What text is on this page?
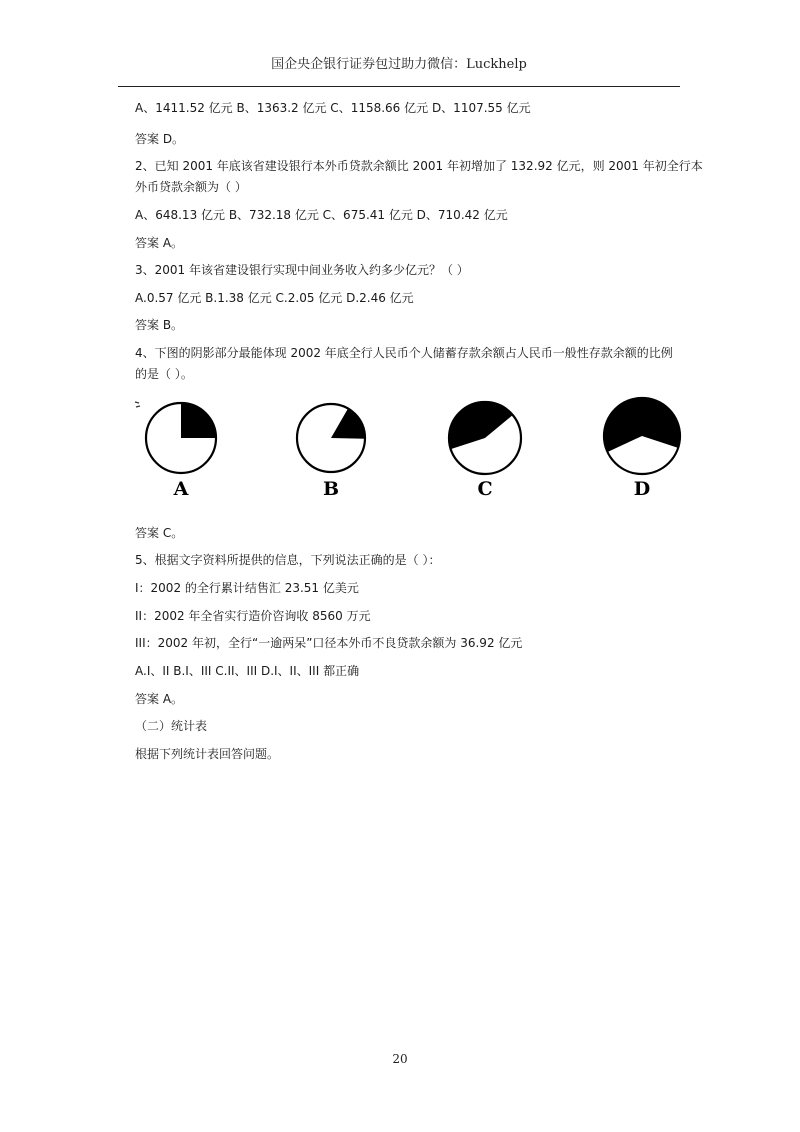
国企央企银行证券包过助力微信：Luckhelp
A、1411.52 亿元 B、1363.2 亿元 C、1158.66 亿元 D、1107.55 亿元
答案 D。
2、已知 2001 年底该省建设银行本外币贷款余额比 2001 年初增加了 132.92 亿元，则 2001 年初全行本
外币贷款余额为（ ）
A、648.13 亿元 B、732.18 亿元 C、675.41 亿元 D、710.42 亿元
答案 A。
3、2001 年该省建设银行实现中间业务收入约多少亿元？（ ）
A.0.57 亿元 B.1.38 亿元 C.2.05 亿元 D.2.46 亿元
答案 B。
4、下图的阴影部分最能体现 2002 年底全行人民币个人储蓄存款余额占人民币一般性存款余额的比例
的是（ ）。
A	B	C	D
答案 C。
5、根据文字资料所提供的信息，下列说法正确的是（ ）：
I：2002 的全行累计结售汇 23.51 亿美元
II：2002 年全省实行造价咨询收 8560 万元
III：2002 年初，全行“一逾两呆”口径本外币不良贷款余额为 36.92 亿元
A.I、II B.I、III C.II、III D.I、II、III 都正确
答案 A。
（二）统计表
根据下列统计表回答问题。
20
